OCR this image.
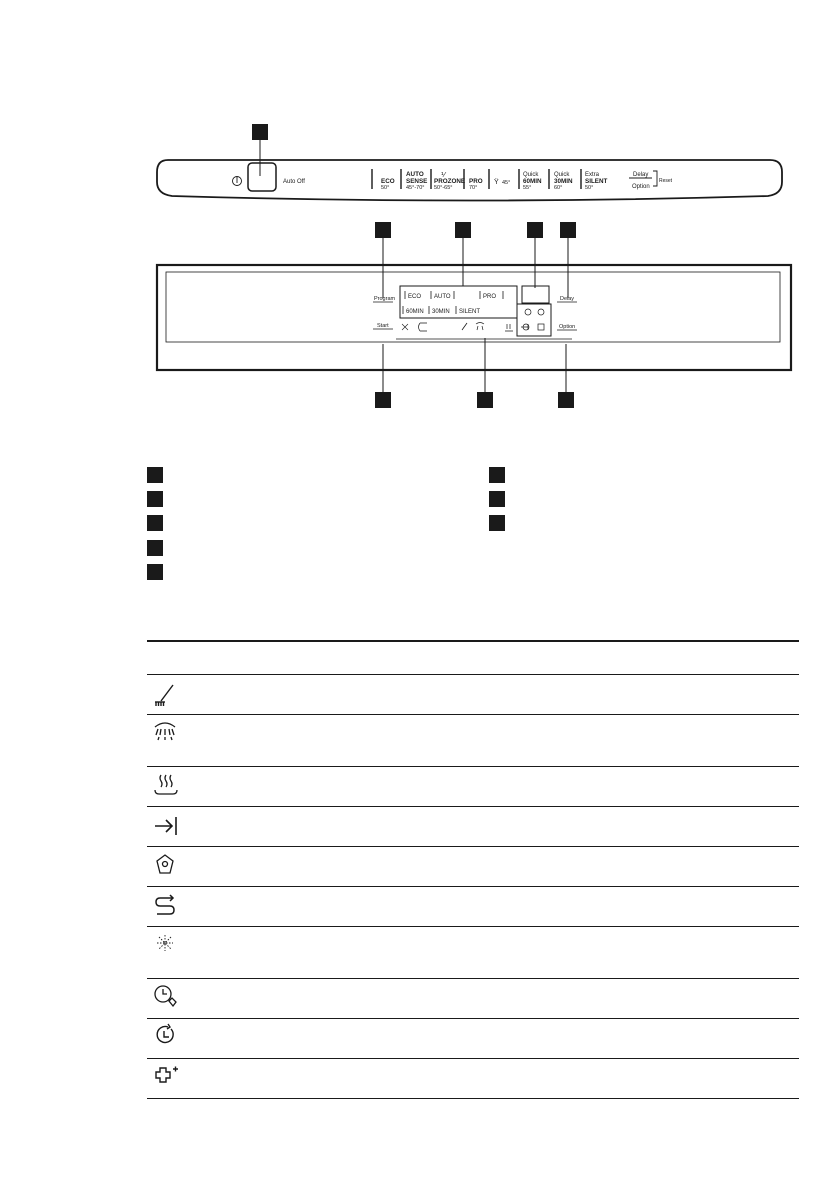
Auto Off	ECO
50°
AUTO
SENSE
45°-70°
⅟
PROZONE
50°-65°
PRO
70°
Ÿ 45°
Quick
60MIN
55°
Quick
30MIN
60°
Extra
SILENT
50°
Delay
Option
Reset
Program
Start
Delay
Option
ECO AUTO	PRO
60MIN 30MIN SILENT
